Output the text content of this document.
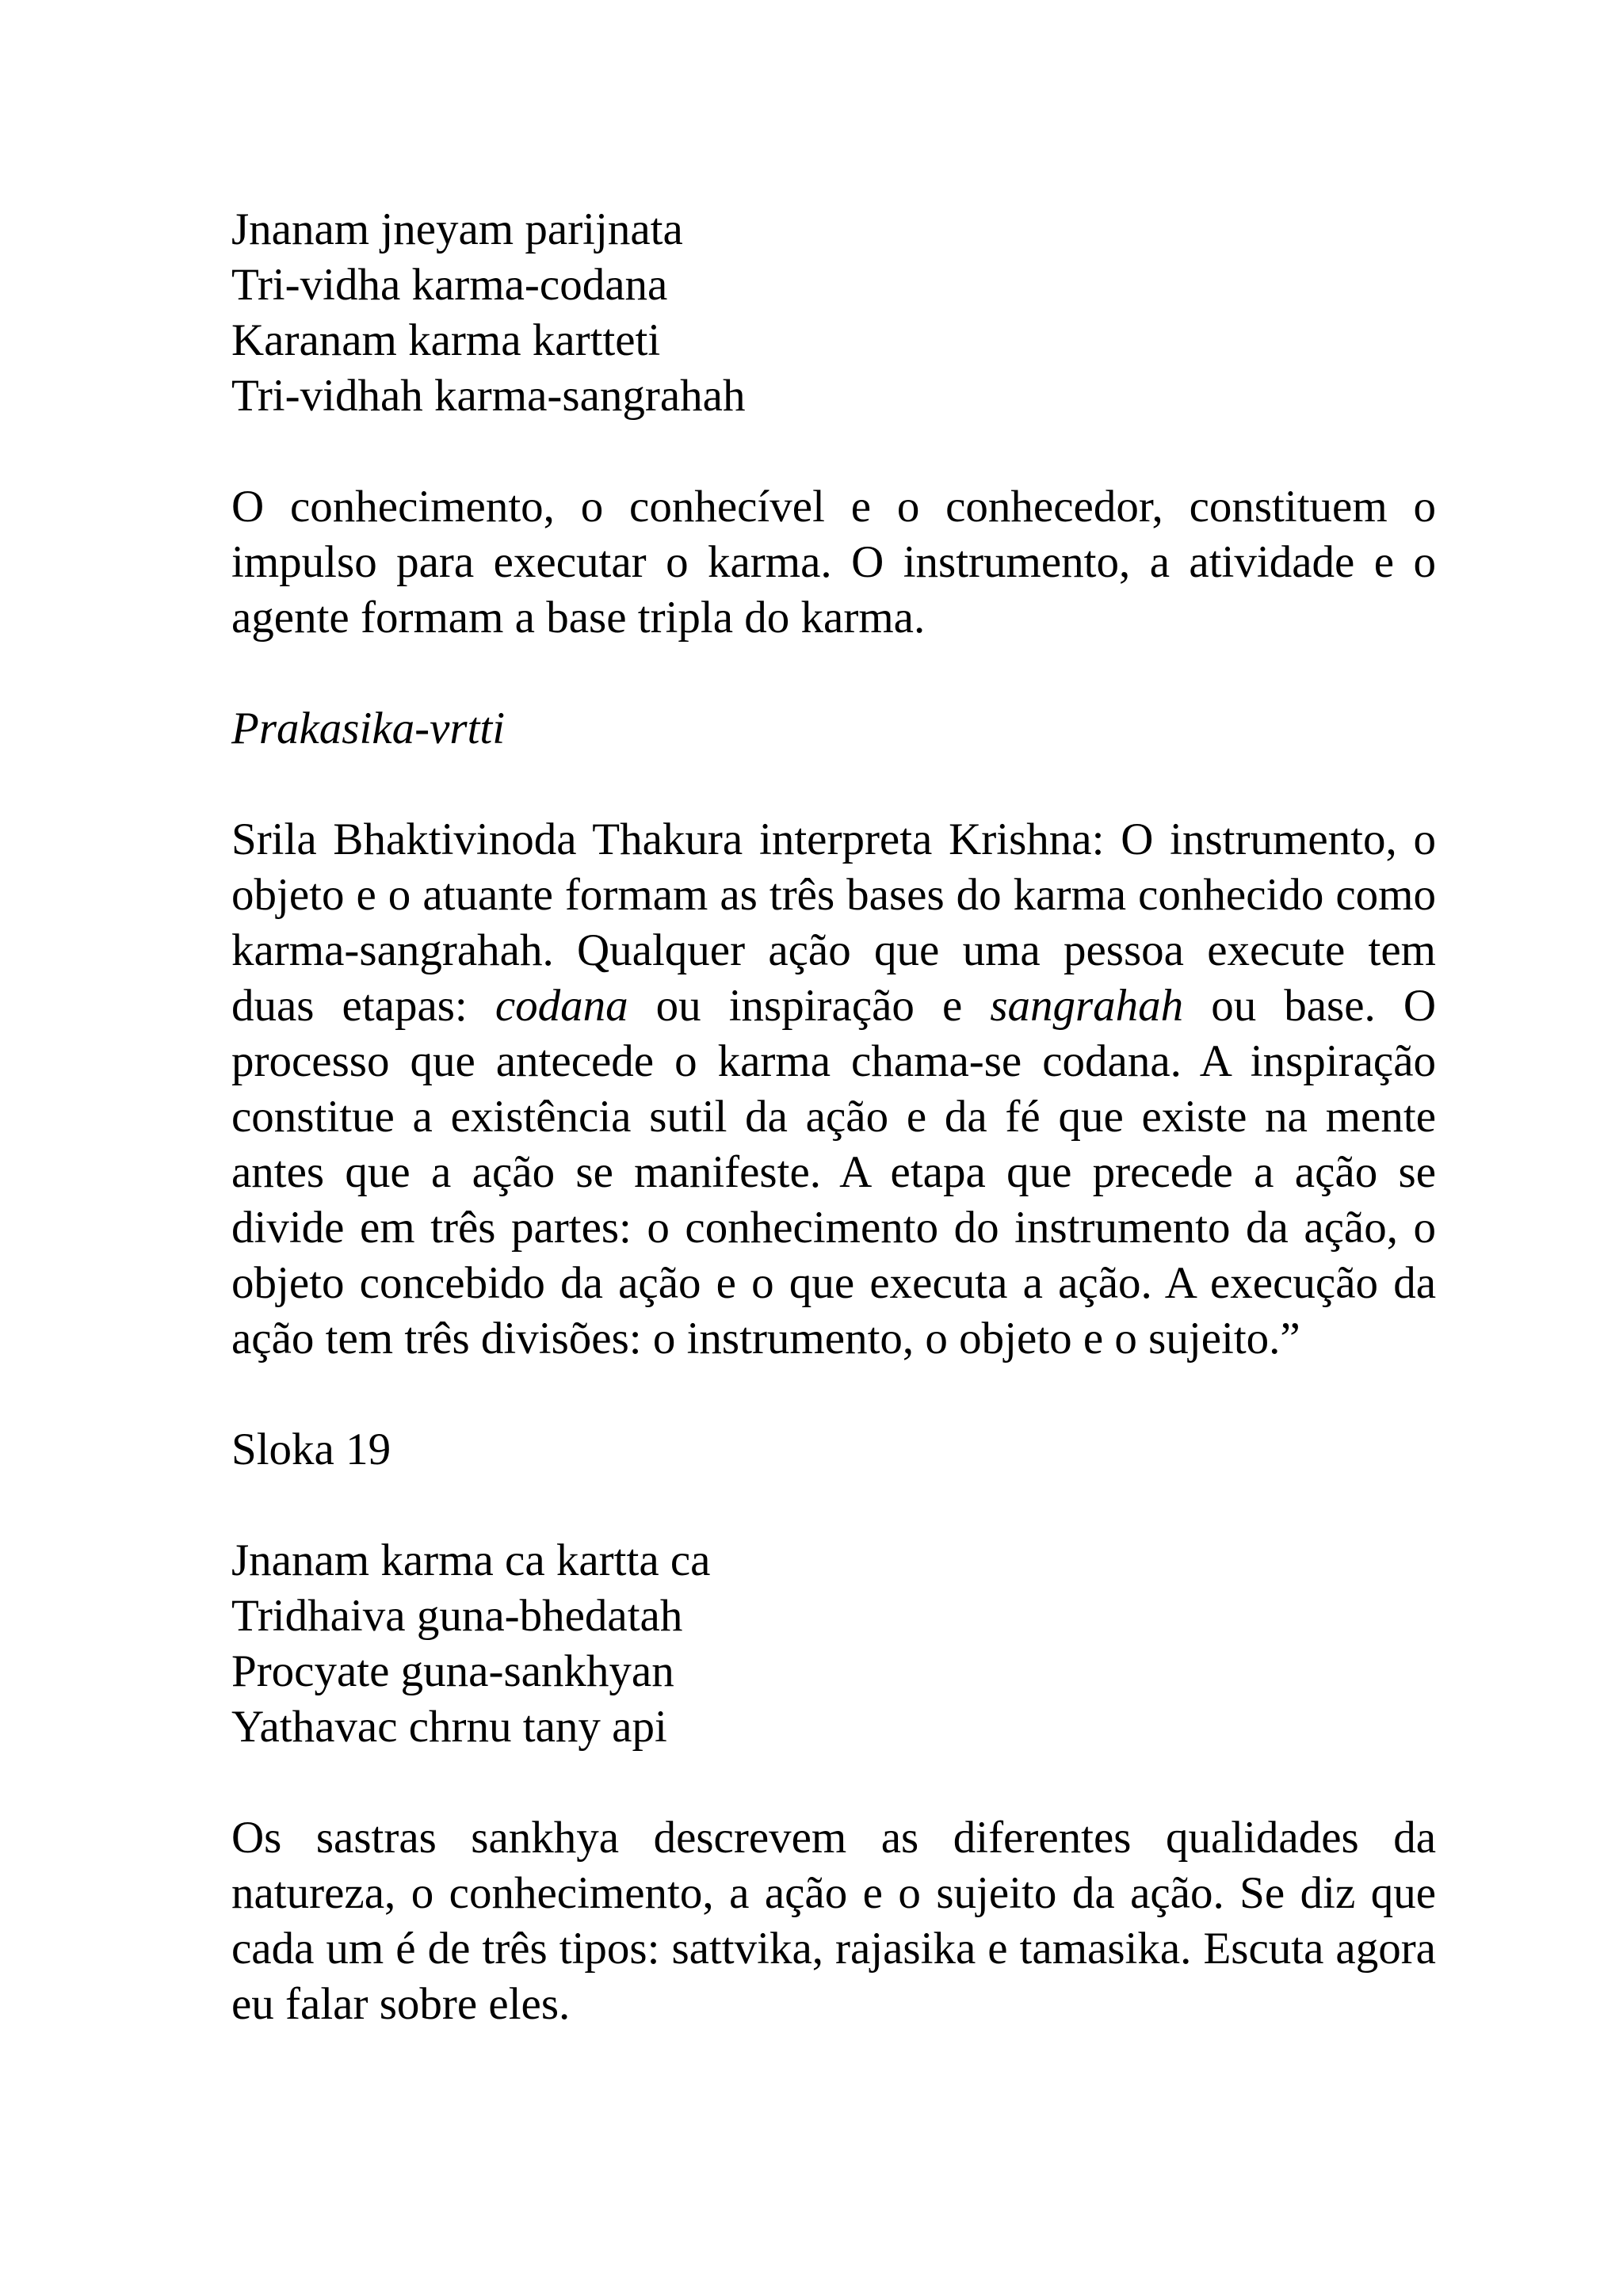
Jnanam jneyam parijnata
Tri-vidha karma-codana
Karanam karma kartteti
Tri-vidhah karma-sangrahah

O conhecimento, o conhecível e o conhecedor, constituem o impulso para executar o karma. O instrumento, a atividade e o agente formam a base tripla do karma.

Prakasika-vrtti

Srila Bhaktivinoda Thakura interpreta Krishna: O instrumento, o objeto e o atuante formam as três bases do karma conhecido como karma-sangrahah. Qualquer ação que uma pessoa execute tem duas etapas: codana ou inspiração e sangrahah ou base. O processo que antecede o karma chama-se codana. A inspiração constitue a existência sutil da ação e da fé que existe na mente antes que a ação se manifeste. A etapa que precede a ação se divide em três partes: o conhecimento do instrumento da ação, o objeto concebido da ação e o que executa a ação. A execução da ação tem três divisões: o instrumento, o objeto e o sujeito.”

Sloka 19

Jnanam karma ca kartta ca
Tridhaiva guna-bhedatah
Procyate guna-sankhyan
Yathavac chrnu tany api

Os sastras sankhya descrevem as diferentes qualidades da natureza, o conhecimento, a ação e o sujeito da ação. Se diz que cada um é de três tipos: sattvika, rajasika e tamasika. Escuta agora eu falar sobre eles.
